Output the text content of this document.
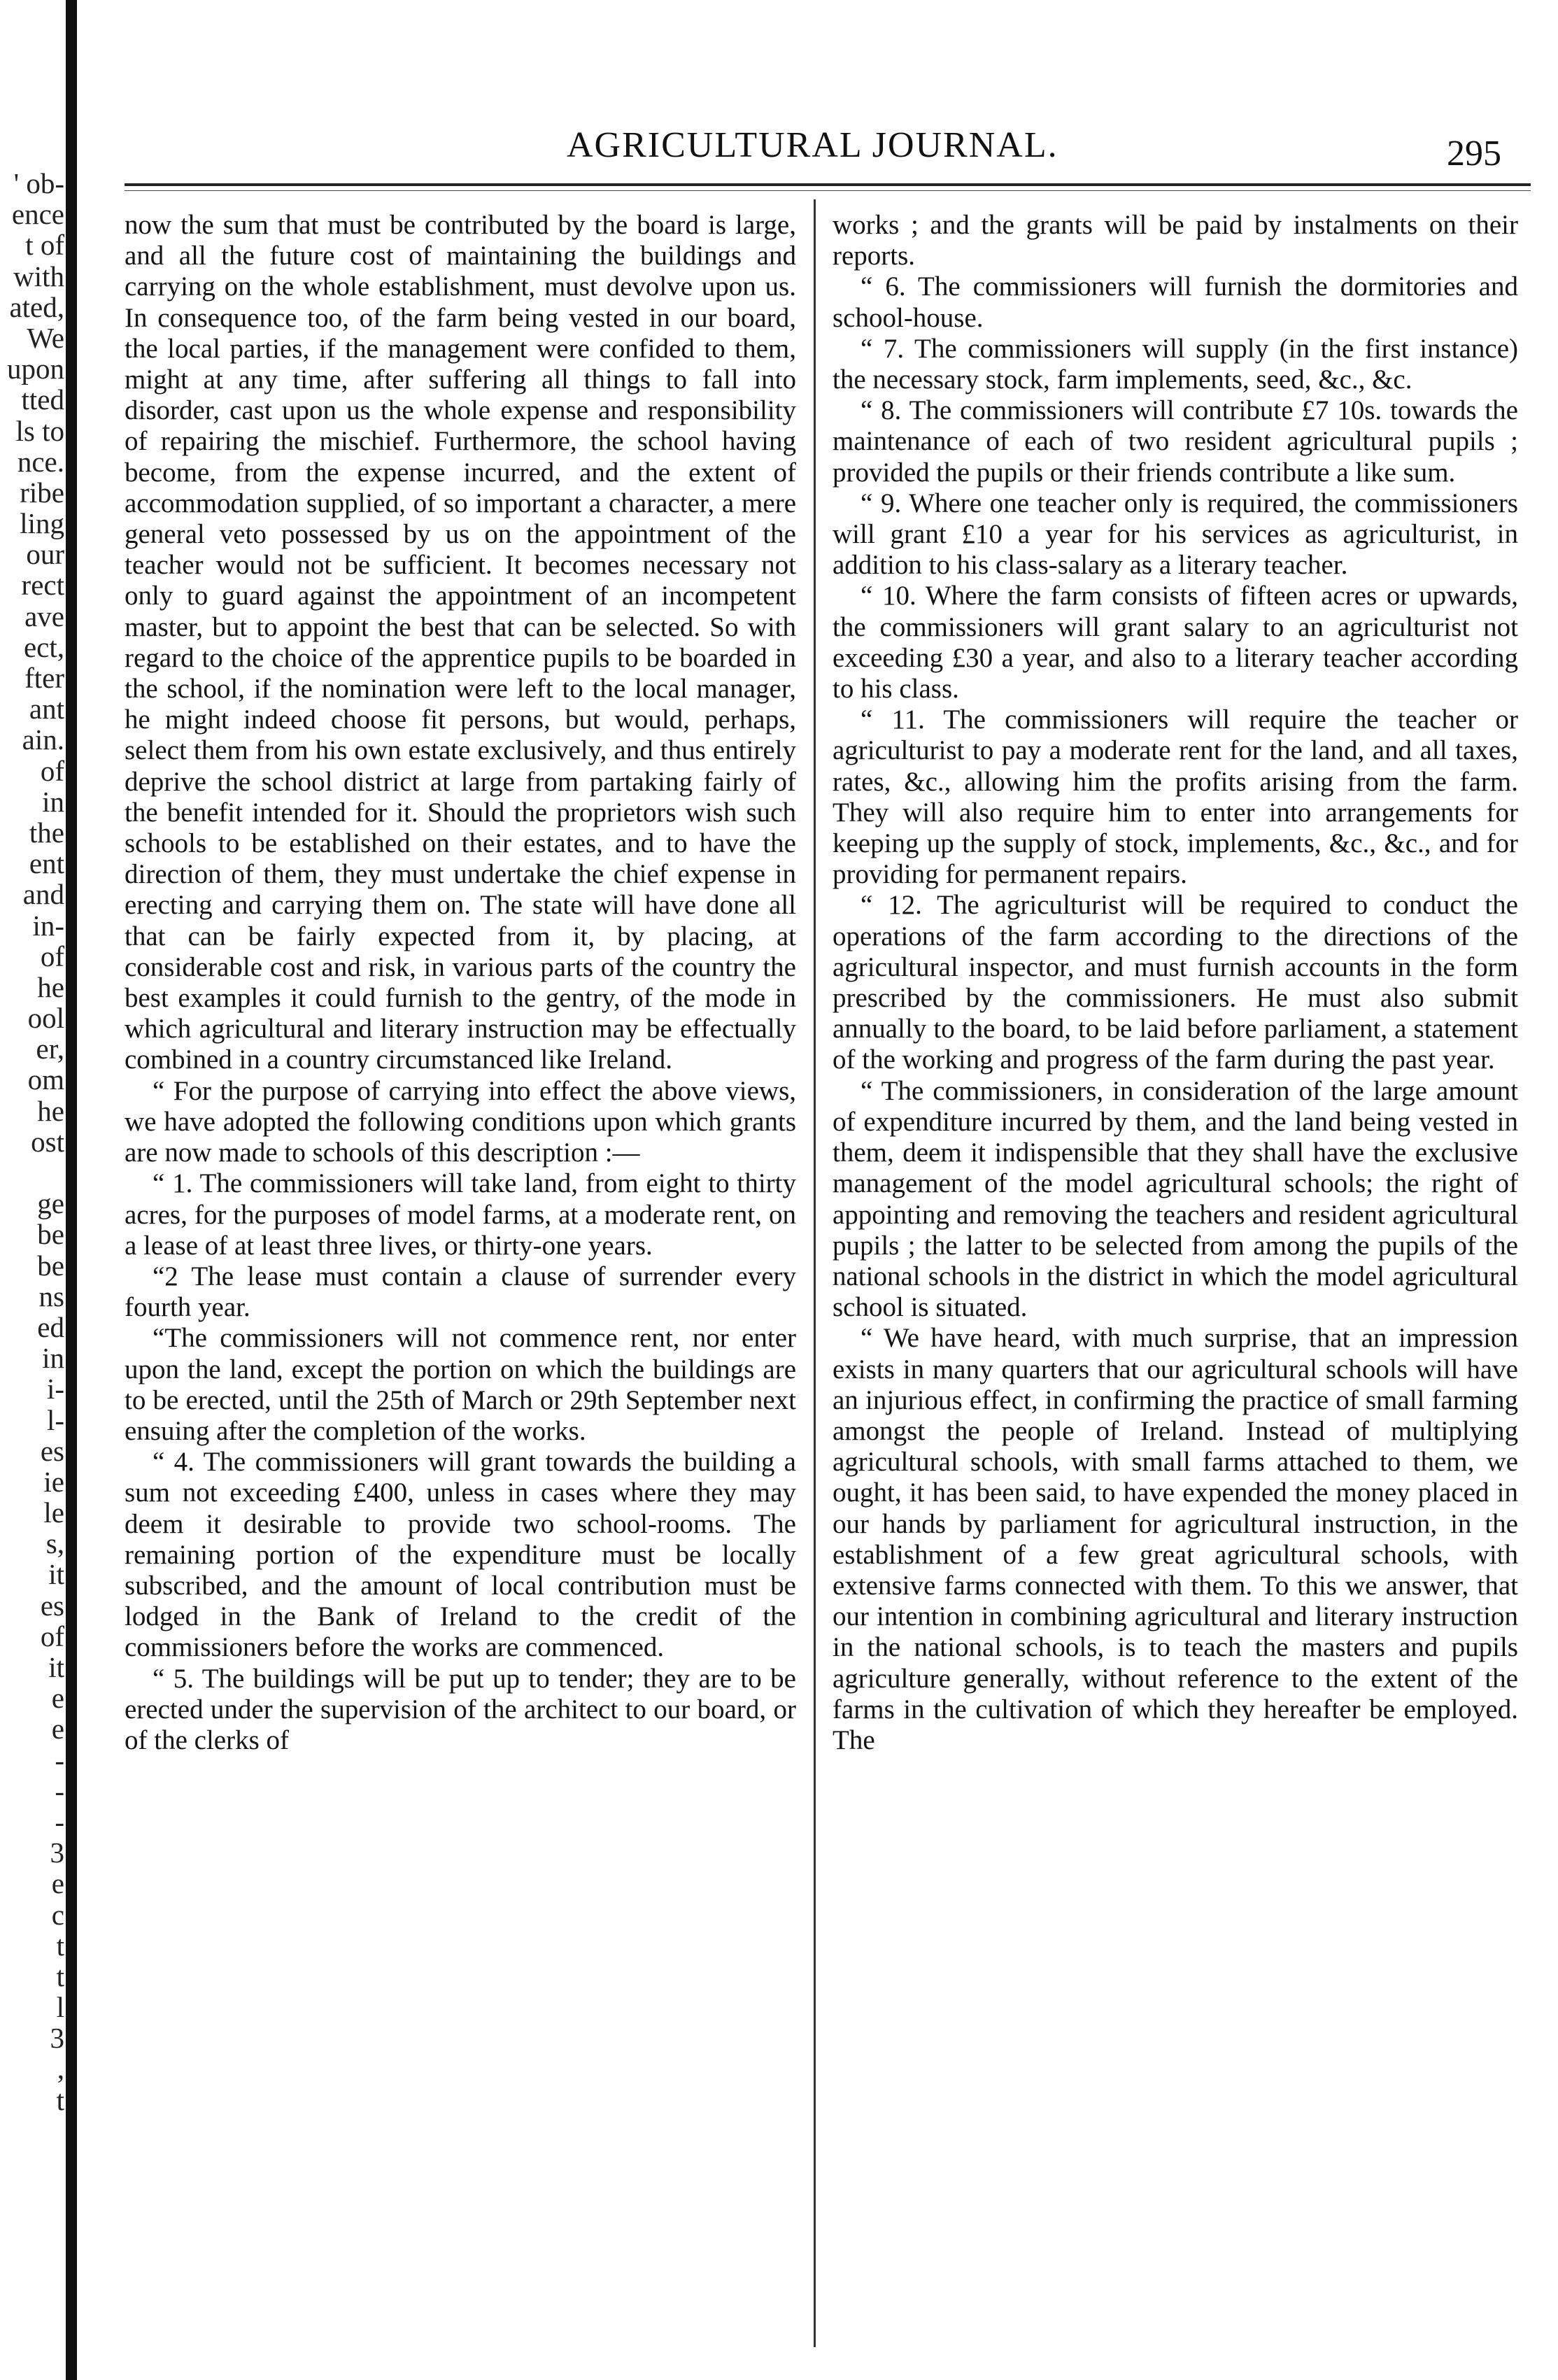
' ob-
ence
t of
with
ated,
We
upon
tted
ls to
nce.
ribe
ling
our
rect
ave
ect,
fter
ant
ain.
of
in
the
ent
and
in-
of
he
ool
er,
om
he
ost
ge
be
be
ns
ed
in
i-
l-
es
ie
le
s,
it
es
of
it
e
e
-
-
-
3
e
c
t
t
l
3
,
t
AGRICULTURAL JOURNAL.	295

now the sum that must be contributed by the board is large, and all the future cost of maintaining the buildings and carrying on the whole establishment, must devolve upon us. In consequence too, of the farm being vested in our board, the local parties, if the management were confided to them, might at any time, after suffering all things to fall into disorder, cast upon us the whole expense and responsibility of repairing the mischief. Furthermore, the school having become, from the expense incurred, and the extent of accommodation supplied, of so important a character, a mere general veto possessed by us on the appointment of the teacher would not be sufficient. It becomes necessary not only to guard against the appointment of an incompetent master, but to appoint the best that can be selected. So with regard to the choice of the apprentice pupils to be boarded in the school, if the nomination were left to the local manager, he might indeed choose fit persons, but would, perhaps, select them from his own estate exclusively, and thus entirely deprive the school district at large from partaking fairly of the benefit intended for it. Should the proprietors wish such schools to be established on their estates, and to have the direction of them, they must undertake the chief expense in erecting and carrying them on. The state will have done all that can be fairly expected from it, by placing, at considerable cost and risk, in various parts of the country the best examples it could furnish to the gentry, of the mode in which agricultural and literary instruction may be effectually combined in a country circumstanced like Ireland.

“ For the purpose of carrying into effect the above views, we have adopted the following conditions upon which grants are now made to schools of this description :—

“ 1. The commissioners will take land, from eight to thirty acres, for the purposes of model farms, at a moderate rent, on a lease of at least three lives, or thirty-one years.

“2 The lease must contain a clause of surrender every fourth year.

“The commissioners will not commence rent, nor enter upon the land, except the portion on which the buildings are to be erected, until the 25th of March or 29th September next ensuing after the completion of the works.

“ 4. The commissioners will grant towards the building a sum not exceeding £400, unless in cases where they may deem it desirable to provide two school-rooms. The remaining portion of the expenditure must be locally subscribed, and the amount of local contribution must be lodged in the Bank of Ireland to the credit of the commissioners before the works are commenced.

“ 5. The buildings will be put up to tender; they are to be erected under the supervision of the architect to our board, or of the clerks of

works ; and the grants will be paid by instalments on their reports.

“ 6. The commissioners will furnish the dormitories and school-house.

“ 7. The commissioners will supply (in the first instance) the necessary stock, farm implements, seed, &c., &c.

“ 8. The commissioners will contribute £7 10s. towards the maintenance of each of two resident agricultural pupils ; provided the pupils or their friends contribute a like sum.

“ 9. Where one teacher only is required, the commissioners will grant £10 a year for his services as agriculturist, in addition to his class-salary as a literary teacher.

“ 10. Where the farm consists of fifteen acres or upwards, the commissioners will grant salary to an agriculturist not exceeding £30 a year, and also to a literary teacher according to his class.

“ 11. The commissioners will require the teacher or agriculturist to pay a moderate rent for the land, and all taxes, rates, &c., allowing him the profits arising from the farm. They will also require him to enter into arrangements for keeping up the supply of stock, implements, &c., &c., and for providing for permanent repairs.

“ 12. The agriculturist will be required to conduct the operations of the farm according to the directions of the agricultural inspector, and must furnish accounts in the form prescribed by the commissioners. He must also submit annually to the board, to be laid before parliament, a statement of the working and progress of the farm during the past year.

“ The commissioners, in consideration of the large amount of expenditure incurred by them, and the land being vested in them, deem it indispensible that they shall have the exclusive management of the model agricultural schools; the right of appointing and removing the teachers and resident agricultural pupils ; the latter to be selected from among the pupils of the national schools in the district in which the model agricultural school is situated.

“ We have heard, with much surprise, that an impression exists in many quarters that our agricultural schools will have an injurious effect, in confirming the practice of small farming amongst the people of Ireland. Instead of multiplying agricultural schools, with small farms attached to them, we ought, it has been said, to have expended the money placed in our hands by parliament for agricultural instruction, in the establishment of a few great agricultural schools, with extensive farms connected with them. To this we answer, that our intention in combining agricultural and literary instruction in the national schools, is to teach the masters and pupils agriculture generally, without reference to the extent of the farms in the cultivation of which they hereafter be employed. The
